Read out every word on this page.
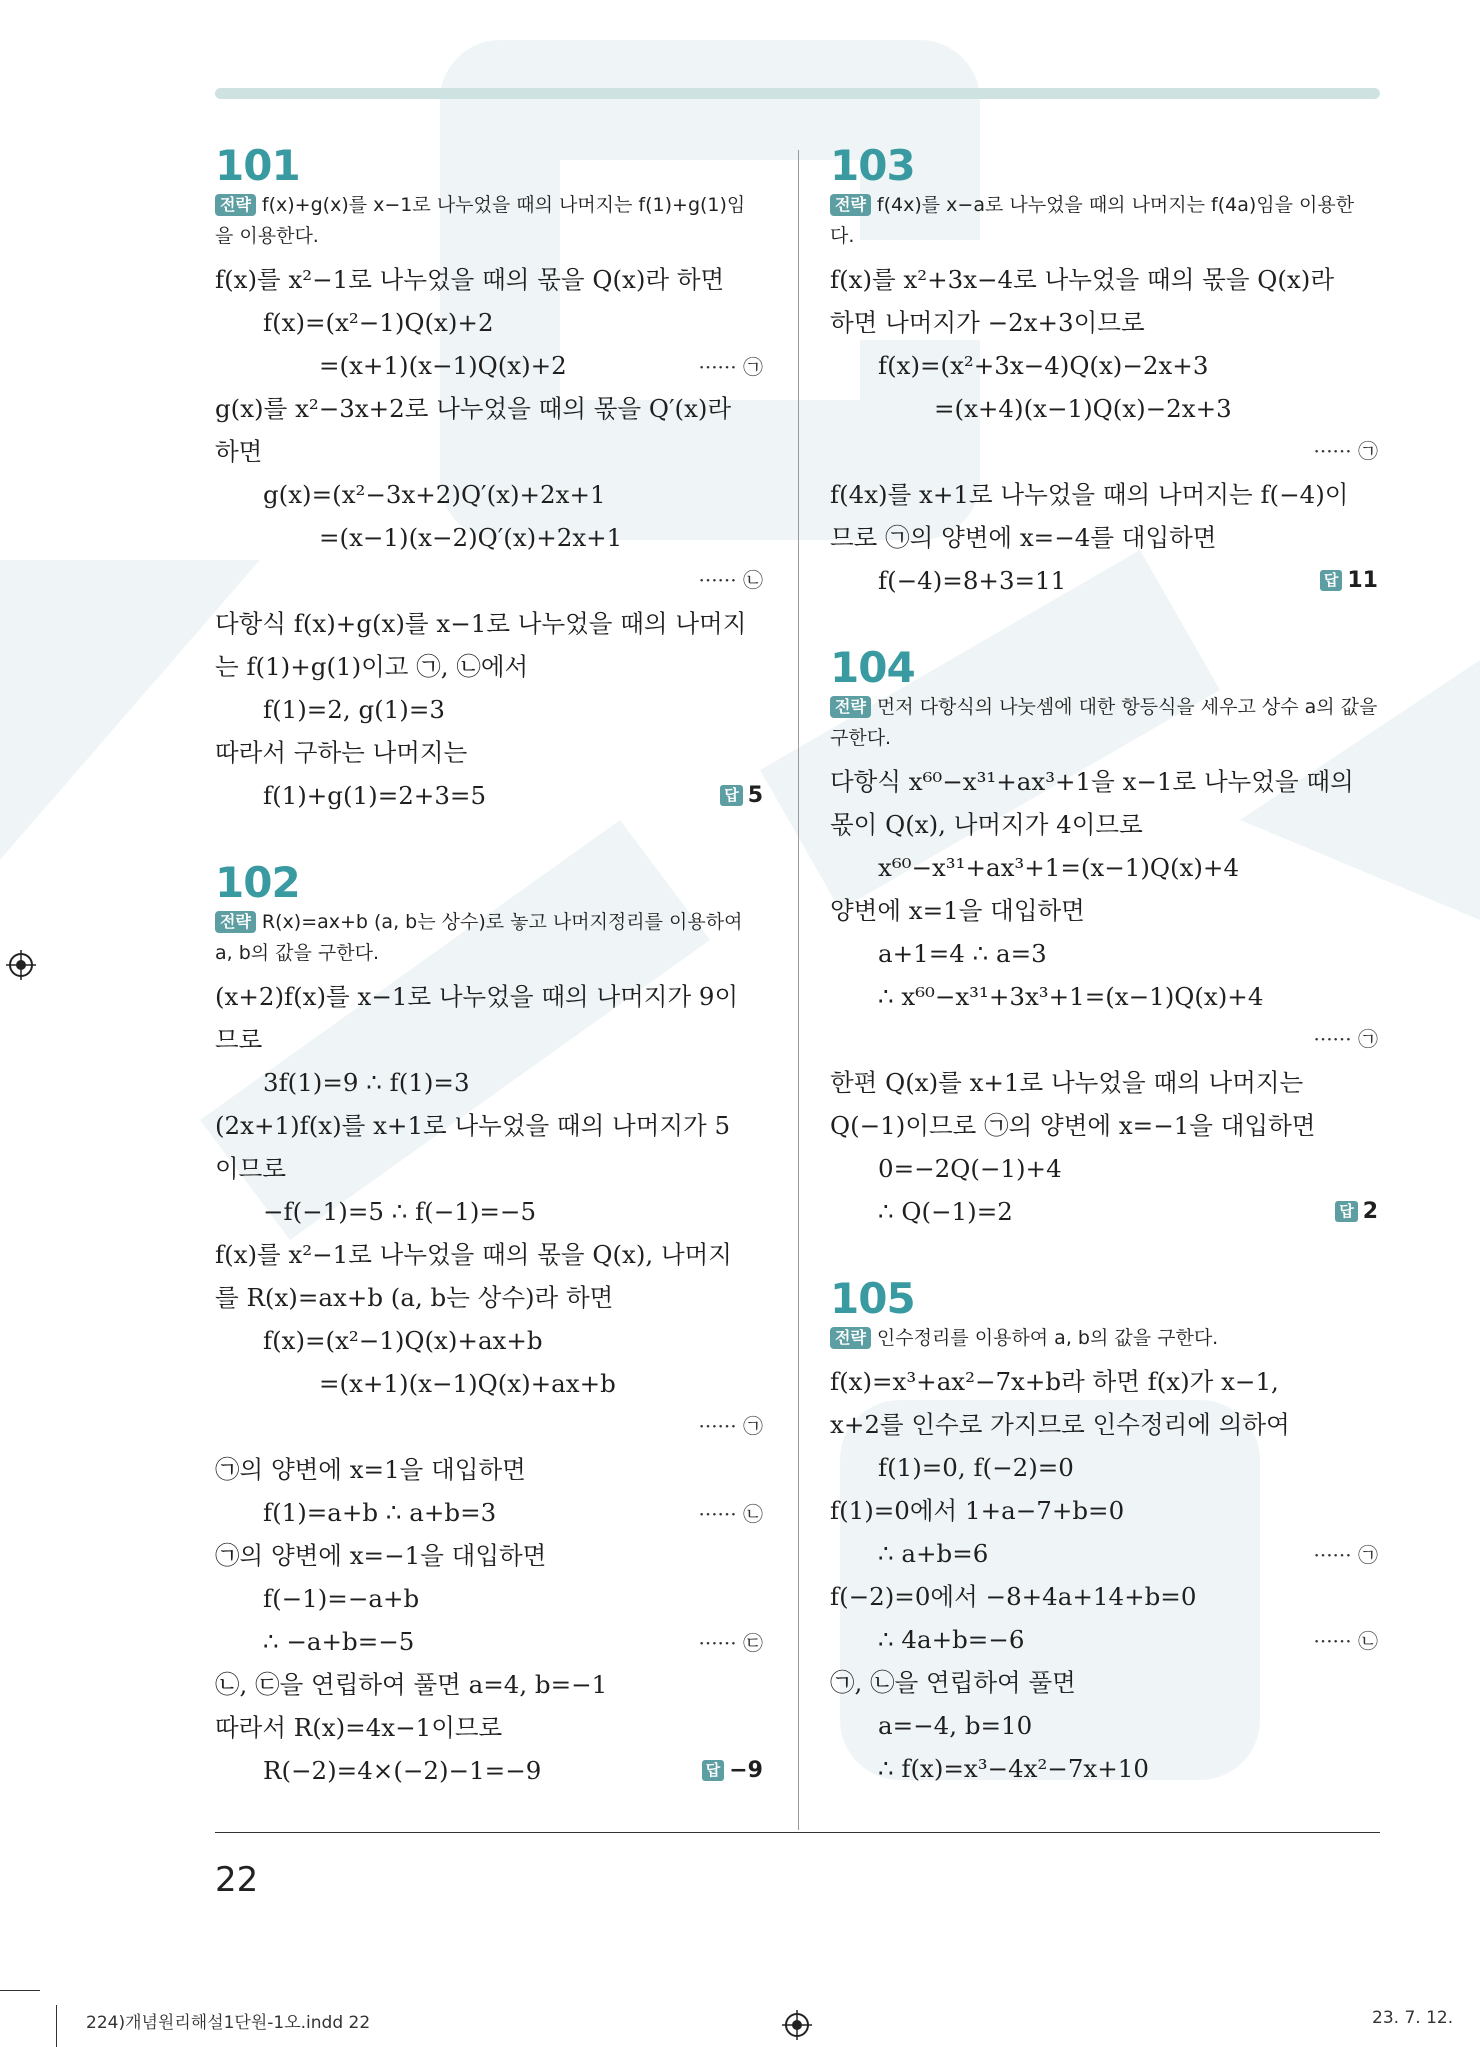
101

전략 f(x)+g(x)를 x−1로 나누었을 때의 나머지는 f(1)+g(1)임을 이용한다.

f(x)를 x²−1로 나누었을 때의 몫을 Q(x)라 하면

f(x)=(x²−1)Q(x)+2

=(x+1)(x−1)Q(x)+2	······ ㉠

g(x)를 x²−3x+2로 나누었을 때의 몫을 Q′(x)라

하면

g(x)=(x²−3x+2)Q′(x)+2x+1

=(x−1)(x−2)Q′(x)+2x+1

······ ㉡

다항식 f(x)+g(x)를 x−1로 나누었을 때의 나머지

는 f(1)+g(1)이고 ㉠, ㉡에서

f(1)=2, g(1)=3

따라서 구하는 나머지는

f(1)+g(1)=2+3=5	답 5

102

전략 R(x)=ax+b (a, b는 상수)로 놓고 나머지정리를 이용하여 a, b의 값을 구한다.

(x+2)f(x)를 x−1로 나누었을 때의 나머지가 9이

므로

3f(1)=9 ∴ f(1)=3

(2x+1)f(x)를 x+1로 나누었을 때의 나머지가 5

이므로

−f(−1)=5 ∴ f(−1)=−5

f(x)를 x²−1로 나누었을 때의 몫을 Q(x), 나머지

를 R(x)=ax+b (a, b는 상수)라 하면

f(x)=(x²−1)Q(x)+ax+b

=(x+1)(x−1)Q(x)+ax+b

······ ㉠

㉠의 양변에 x=1을 대입하면

f(1)=a+b ∴ a+b=3	······ ㉡

㉠의 양변에 x=−1을 대입하면

f(−1)=−a+b

∴ −a+b=−5	······ ㉢

㉡, ㉢을 연립하여 풀면 a=4, b=−1

따라서 R(x)=4x−1이므로

R(−2)=4×(−2)−1=−9	답 −9

103

전략 f(4x)를 x−a로 나누었을 때의 나머지는 f(4a)임을 이용한다.

f(x)를 x²+3x−4로 나누었을 때의 몫을 Q(x)라

하면 나머지가 −2x+3이므로

f(x)=(x²+3x−4)Q(x)−2x+3

=(x+4)(x−1)Q(x)−2x+3

······ ㉠

f(4x)를 x+1로 나누었을 때의 나머지는 f(−4)이

므로 ㉠의 양변에 x=−4를 대입하면

f(−4)=8+3=11	답 11

104

전략 먼저 다항식의 나눗셈에 대한 항등식을 세우고 상수 a의 값을 구한다.

다항식 x⁶⁰−x³¹+ax³+1을 x−1로 나누었을 때의

몫이 Q(x), 나머지가 4이므로

x⁶⁰−x³¹+ax³+1=(x−1)Q(x)+4

양변에 x=1을 대입하면

a+1=4 ∴ a=3

∴ x⁶⁰−x³¹+3x³+1=(x−1)Q(x)+4

······ ㉠

한편 Q(x)를 x+1로 나누었을 때의 나머지는

Q(−1)이므로 ㉠의 양변에 x=−1을 대입하면

0=−2Q(−1)+4

∴ Q(−1)=2	답 2

105

전략 인수정리를 이용하여 a, b의 값을 구한다.

f(x)=x³+ax²−7x+b라 하면 f(x)가 x−1,

x+2를 인수로 가지므로 인수정리에 의하여

f(1)=0, f(−2)=0

f(1)=0에서 1+a−7+b=0

∴ a+b=6	······ ㉠

f(−2)=0에서 −8+4a+14+b=0

∴ 4a+b=−6	······ ㉡

㉠, ㉡을 연립하여 풀면

a=−4, b=10

∴ f(x)=x³−4x²−7x+10

22
224)개념원리해설1단원-1오.indd 22	23. 7. 12.
